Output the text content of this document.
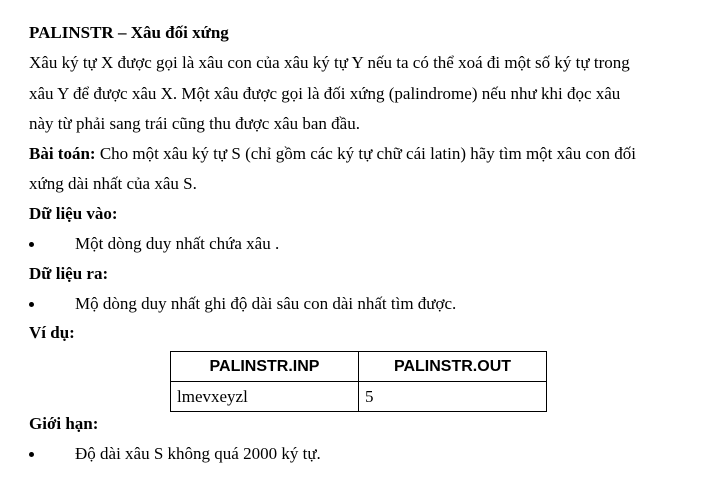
PALINSTR – Xâu đối xứng
Xâu ký tự X được gọi là xâu con của xâu ký tự Y nếu ta có thể xoá đi một số ký tự trong
xâu Y để được xâu X. Một xâu được gọi là đối xứng (palindrome) nếu như khi đọc xâu
này từ phải sang trái cũng thu được xâu ban đầu.
Bài toán: Cho một xâu ký tự S (chỉ gồm các ký tự chữ cái latin) hãy tìm một xâu con đối
xứng dài nhất của xâu S.
Dữ liệu vào:
Một dòng duy nhất chứa xâu .
Dữ liệu ra:
Mộ dòng duy nhất ghi độ dài sâu con dài nhất tìm được.
Ví dụ:
PALINSTR.INP	PALINSTR.OUT
lmevxeyzl	5
Giới hạn:
Độ dài xâu S không quá 2000 ký tự.
